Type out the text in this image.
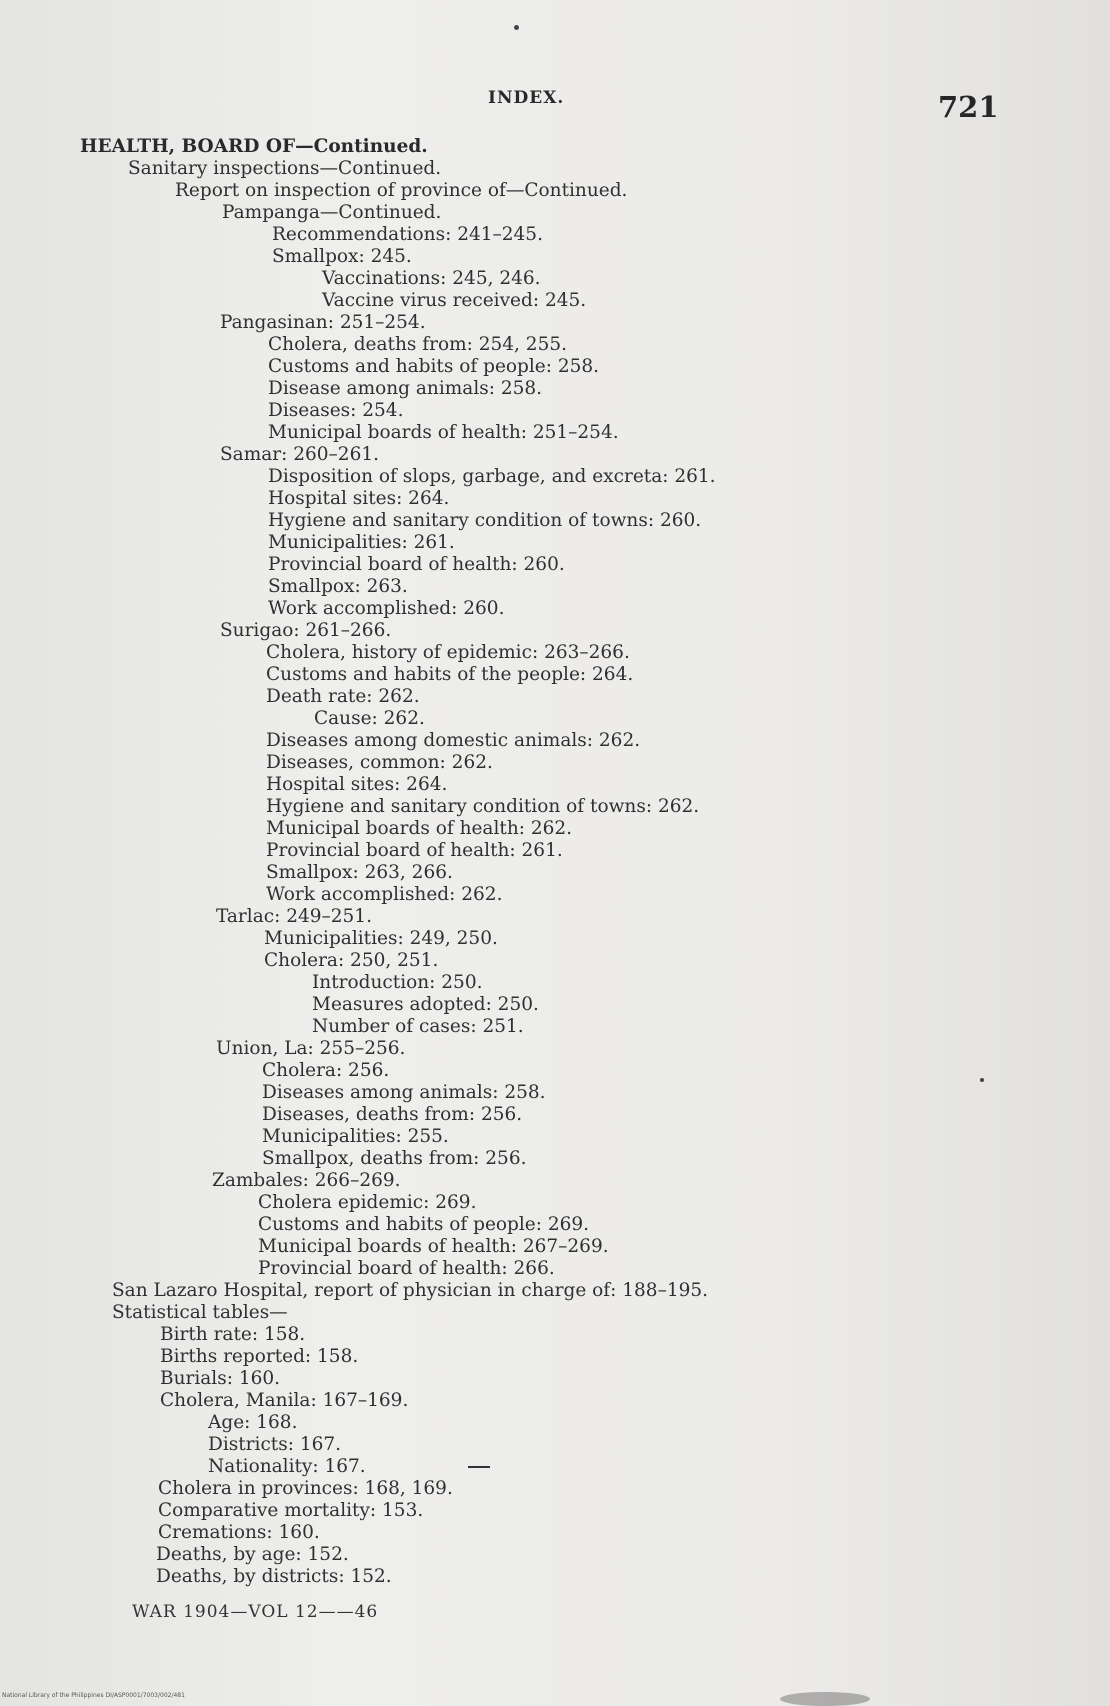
INDEX.	721
HEALTH, BOARD OF—Continued.
Sanitary inspections—Continued.
Report on inspection of province of—Continued.
Pampanga—Continued.
Recommendations: 241–245.
Smallpox: 245.
Vaccinations: 245, 246.
Vaccine virus received: 245.
Pangasinan: 251–254.
Cholera, deaths from: 254, 255.
Customs and habits of people: 258.
Disease among animals: 258.
Diseases: 254.
Municipal boards of health: 251–254.
Samar: 260–261.
Disposition of slops, garbage, and excreta: 261.
Hospital sites: 264.
Hygiene and sanitary condition of towns: 260.
Municipalities: 261.
Provincial board of health: 260.
Smallpox: 263.
Work accomplished: 260.
Surigao: 261–266.
Cholera, history of epidemic: 263–266.
Customs and habits of the people: 264.
Death rate: 262.
Cause: 262.
Diseases among domestic animals: 262.
Diseases, common: 262.
Hospital sites: 264.
Hygiene and sanitary condition of towns: 262.
Municipal boards of health: 262.
Provincial board of health: 261.
Smallpox: 263, 266.
Work accomplished: 262.
Tarlac: 249–251.
Municipalities: 249, 250.
Cholera: 250, 251.
Introduction: 250.
Measures adopted: 250.
Number of cases: 251.
Union, La: 255–256.
Cholera: 256.
Diseases among animals: 258.
Diseases, deaths from: 256.
Municipalities: 255.
Smallpox, deaths from: 256.
Zambales: 266–269.
Cholera epidemic: 269.
Customs and habits of people: 269.
Municipal boards of health: 267–269.
Provincial board of health: 266.
San Lazaro Hospital, report of physician in charge of: 188–195.
Statistical tables—
Birth rate: 158.
Births reported: 158.
Burials: 160.
Cholera, Manila: 167–169.
Age: 168.
Districts: 167.
Nationality: 167.
Cholera in provinces: 168, 169.
Comparative mortality: 153.
Cremations: 160.
Deaths, by age: 152.
Deaths, by districts: 152.
WAR 1904—VOL 12——46
National Library of the Philippines DI/ASP0001/7003/002/481
